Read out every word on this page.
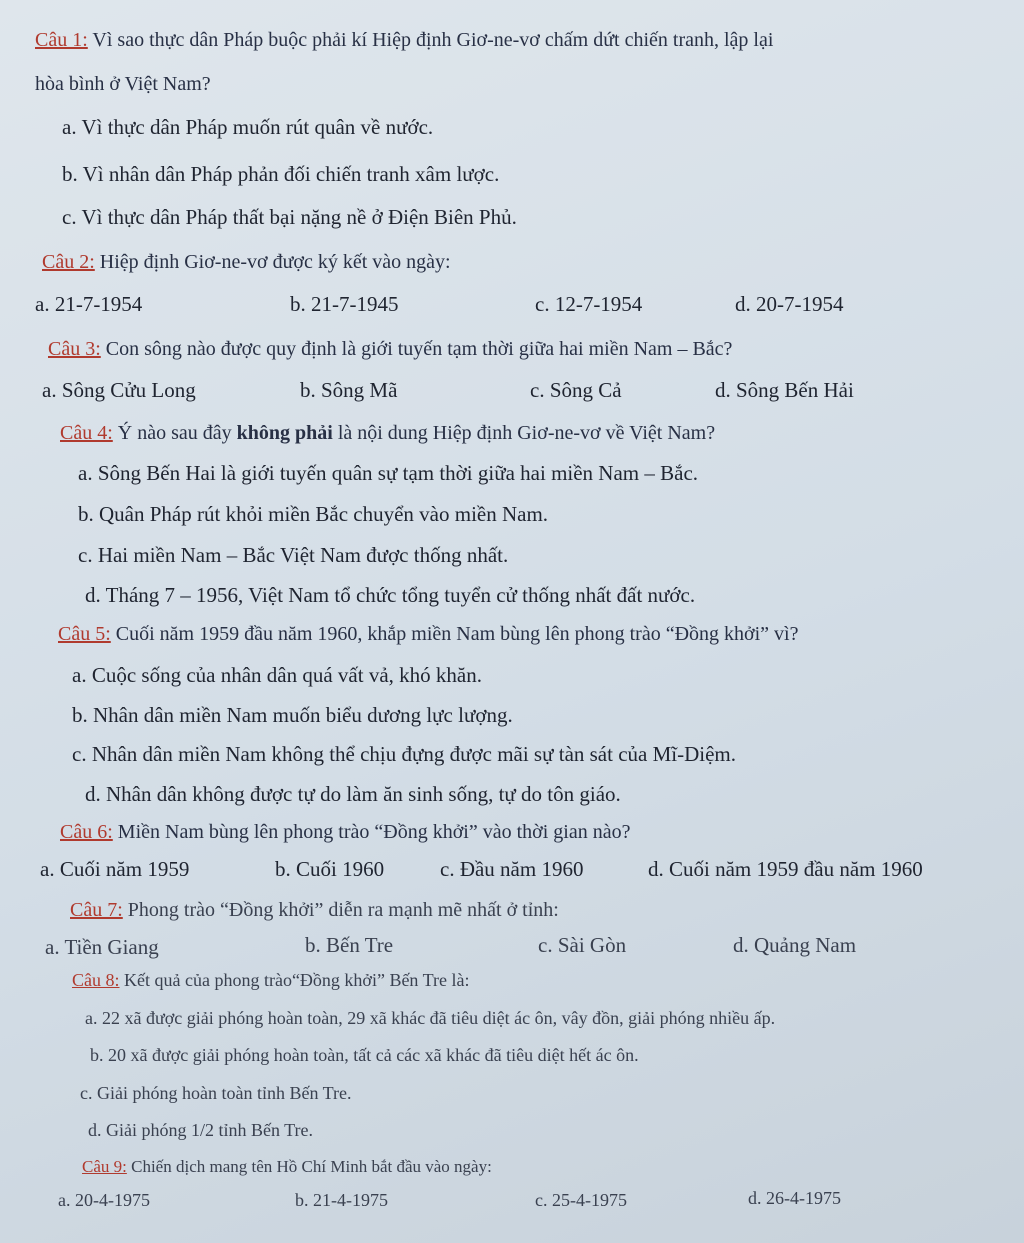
Câu 1: Vì sao thực dân Pháp buộc phải kí Hiệp định Giơ-ne-vơ chấm dứt chiến tranh, lập lại
hòa bình ở Việt Nam?
a. Vì thực dân Pháp muốn rút quân về nước.
b. Vì nhân dân Pháp phản đối chiến tranh xâm lược.
c. Vì thực dân Pháp thất bại nặng nề ở Điện Biên Phủ.
Câu 2: Hiệp định Giơ-ne-vơ được ký kết vào ngày:
a. 21-7-1954	b. 21-7-1945	c. 12-7-1954	d. 20-7-1954
Câu 3: Con sông nào được quy định là giới tuyến tạm thời giữa hai miền Nam – Bắc?
a. Sông Cửu Long	b. Sông Mã	c. Sông Cả	d. Sông Bến Hải
Câu 4: Ý nào sau đây không phải là nội dung Hiệp định Giơ-ne-vơ về Việt Nam?
a. Sông Bến Hai là giới tuyến quân sự tạm thời giữa hai miền Nam – Bắc.
b. Quân Pháp rút khỏi miền Bắc chuyển vào miền Nam.
c. Hai miền Nam – Bắc Việt Nam được thống nhất.
d. Tháng 7 – 1956, Việt Nam tổ chức tổng tuyển cử thống nhất đất nước.
Câu 5: Cuối năm 1959 đầu năm 1960, khắp miền Nam bùng lên phong trào “Đồng khởi” vì?
a. Cuộc sống của nhân dân quá vất vả, khó khăn.
b. Nhân dân miền Nam muốn biểu dương lực lượng.
c. Nhân dân miền Nam không thể chịu đựng được mãi sự tàn sát của Mĩ-Diệm.
d. Nhân dân không được tự do làm ăn sinh sống, tự do tôn giáo.
Câu 6: Miền Nam bùng lên phong trào “Đồng khởi” vào thời gian nào?
a. Cuối năm 1959	b. Cuối 1960	c. Đầu năm 1960	d. Cuối năm 1959 đầu năm 1960
Câu 7: Phong trào “Đồng khởi” diễn ra mạnh mẽ nhất ở tỉnh:
a. Tiền Giang	b. Bến Tre	c. Sài Gòn	d. Quảng Nam
Câu 8: Kết quả của phong trào“Đồng khởi” Bến Tre là:
a. 22 xã được giải phóng hoàn toàn, 29 xã khác đã tiêu diệt ác ôn, vây đồn, giải phóng nhiều ấp.
b. 20 xã được giải phóng hoàn toàn, tất cả các xã khác đã tiêu diệt hết ác ôn.
c. Giải phóng hoàn toàn tỉnh Bến Tre.
d. Giải phóng 1/2 tỉnh Bến Tre.
Câu 9: Chiến dịch mang tên Hồ Chí Minh bắt đầu vào ngày:
a. 20-4-1975	b. 21-4-1975	c. 25-4-1975	d. 26-4-1975
